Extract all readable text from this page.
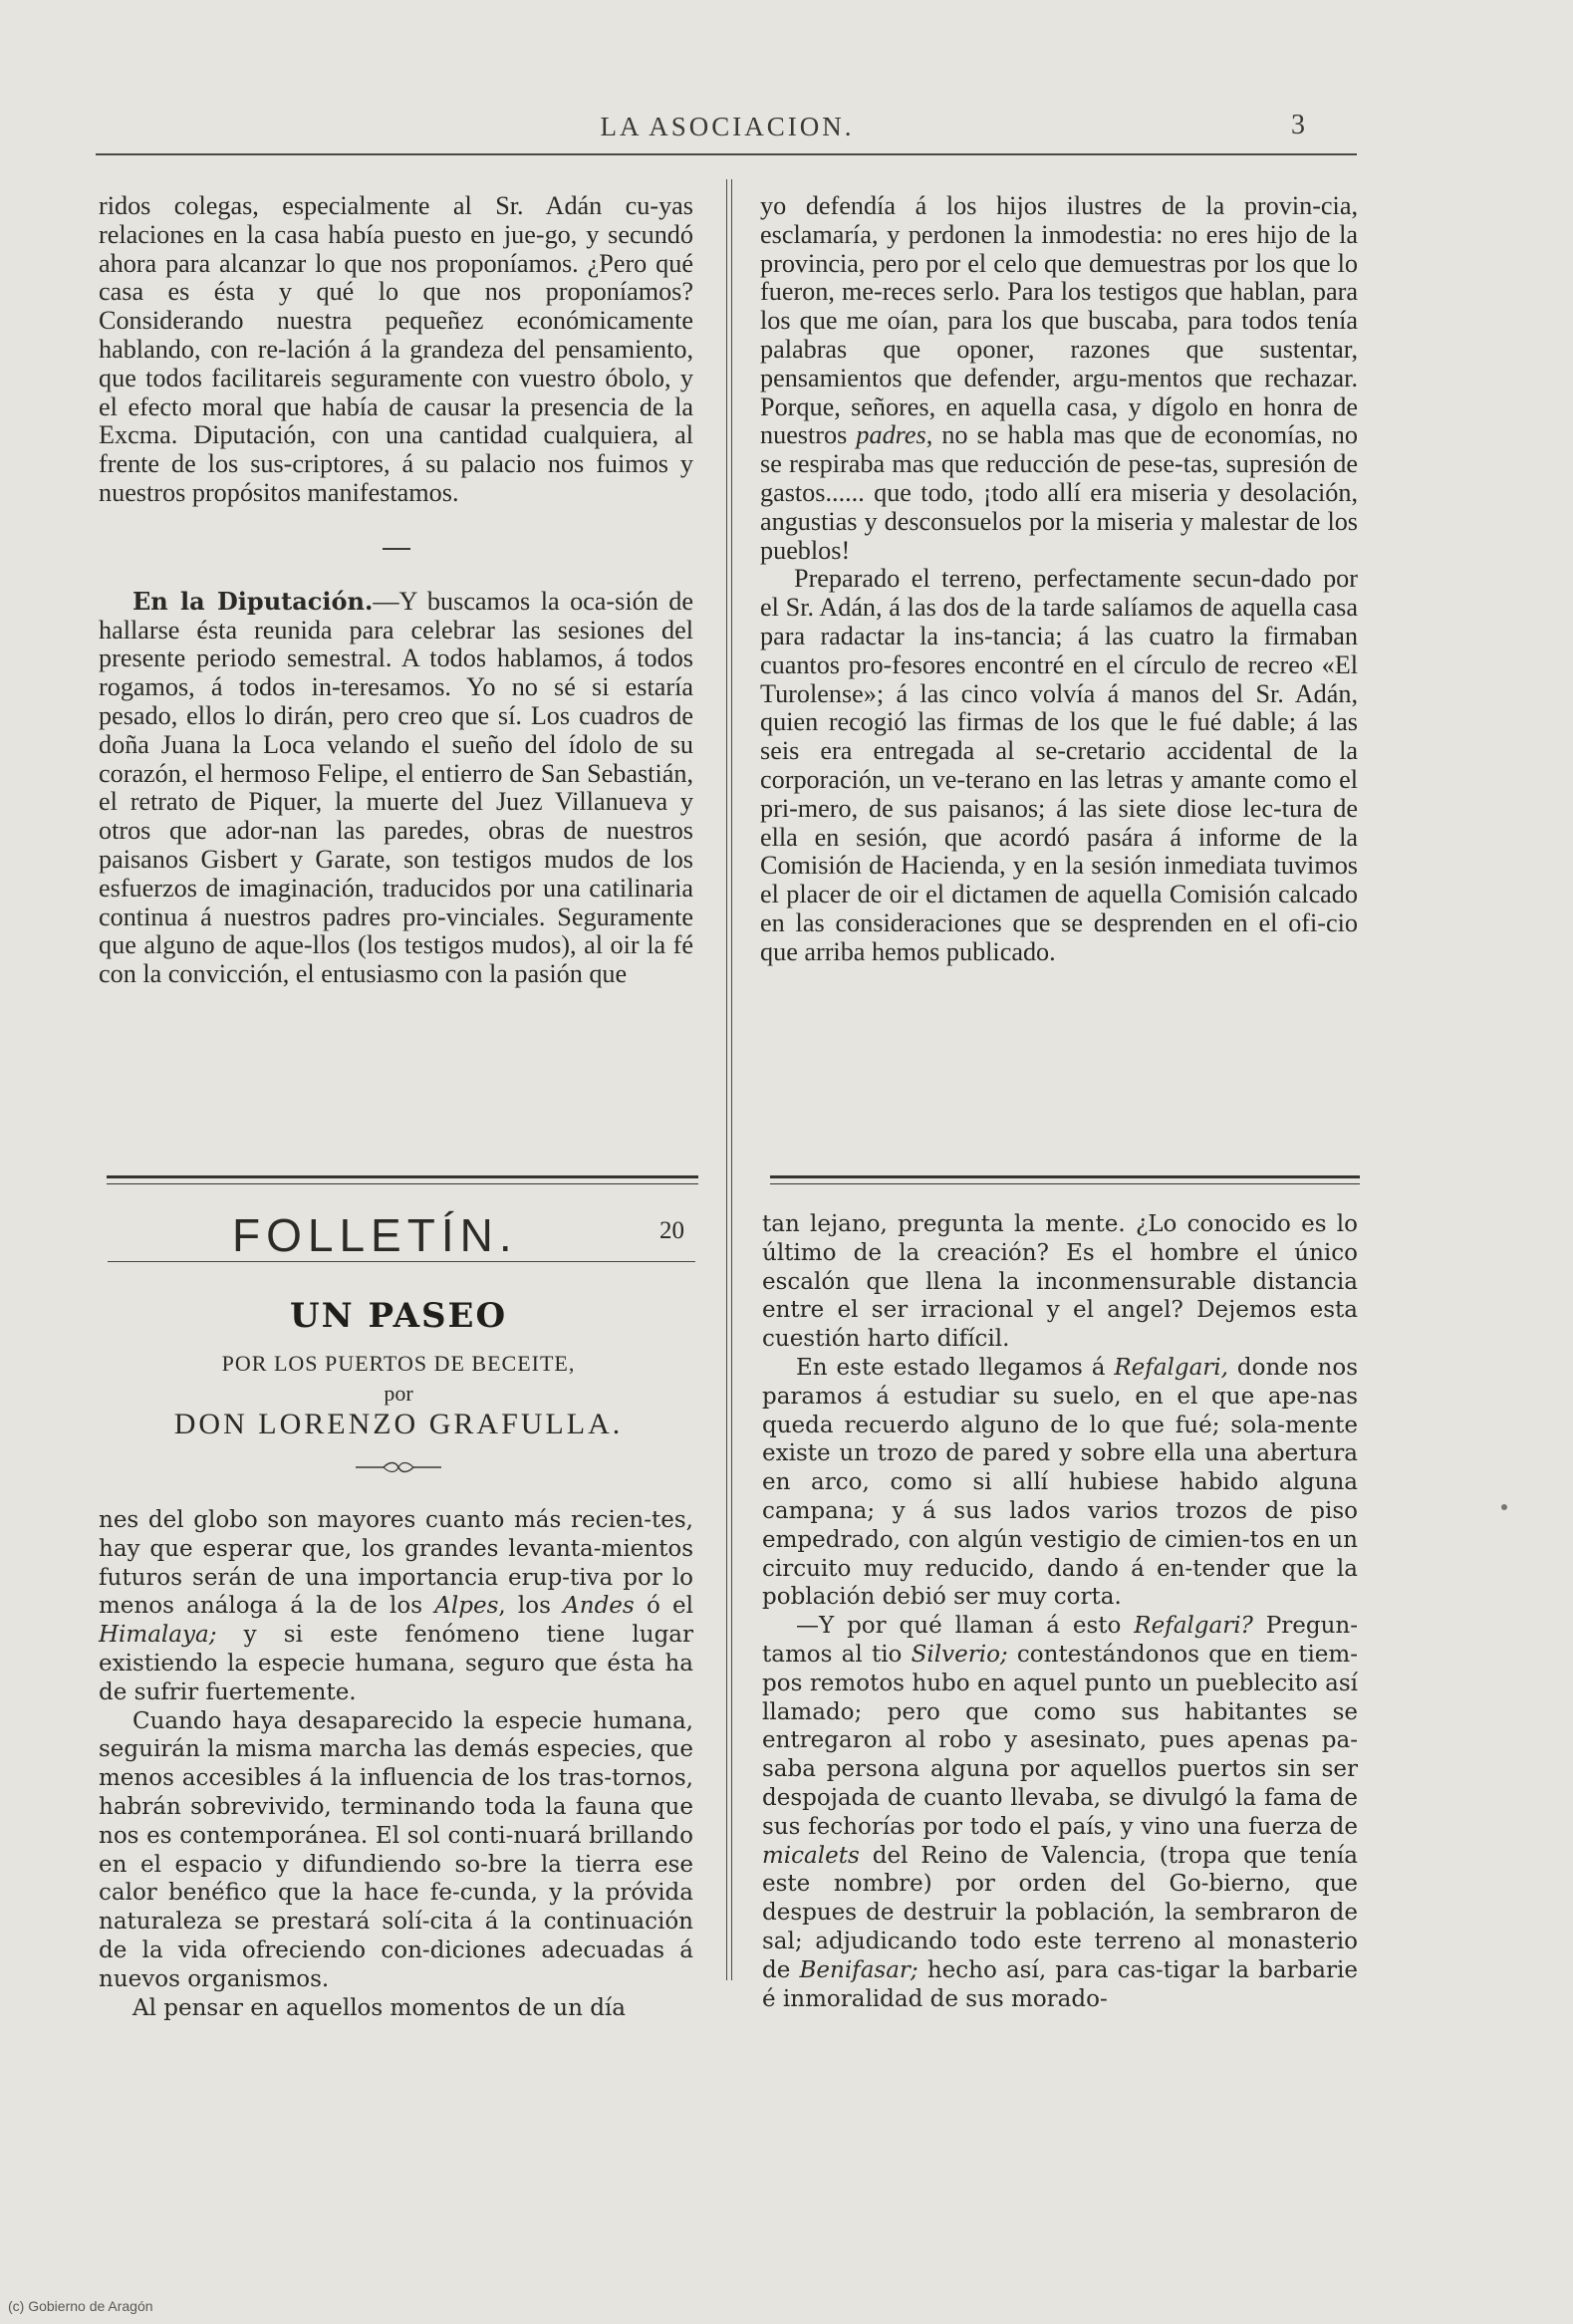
LA ASOCIACION.	3

ridos colegas, especialmente al Sr. Adán cu-yas relaciones en la casa había puesto en jue-go, y secundó ahora para alcanzar lo que nos proponíamos. ¿Pero qué casa es ésta y qué lo que nos proponíamos? Considerando nuestra pequeñez económicamente hablando, con re-lación á la grandeza del pensamiento, que todos facilitareis seguramente con vuestro óbolo, y el efecto moral que había de causar la presencia de la Excma. Diputación, con una cantidad cualquiera, al frente de los sus-criptores, á su palacio nos fuimos y nuestros propósitos manifestamos.

En la Diputación.—Y buscamos la oca-sión de hallarse ésta reunida para celebrar las sesiones del presente periodo semestral. A todos hablamos, á todos rogamos, á todos in-teresamos. Yo no sé si estaría pesado, ellos lo dirán, pero creo que sí. Los cuadros de doña Juana la Loca velando el sueño del ídolo de su corazón, el hermoso Felipe, el entierro de San Sebastián, el retrato de Piquer, la muerte del Juez Villanueva y otros que ador-nan las paredes, obras de nuestros paisanos Gisbert y Garate, son testigos mudos de los esfuerzos de imaginación, traducidos por una catilinaria continua á nuestros padres pro-vinciales. Seguramente que alguno de aque-llos (los testigos mudos), al oir la fé con la convicción, el entusiasmo con la pasión que

yo defendía á los hijos ilustres de la provin-cia, esclamaría, y perdonen la inmodestia: no eres hijo de la provincia, pero por el celo que demuestras por los que lo fueron, me-reces serlo. Para los testigos que hablan, para los que me oían, para los que buscaba, para todos tenía palabras que oponer, razones que sustentar, pensamientos que defender, argu-mentos que rechazar. Porque, señores, en aquella casa, y dígolo en honra de nuestros padres, no se habla mas que de economías, no se respiraba mas que reducción de pese-tas, supresión de gastos...... que todo, ¡todo allí era miseria y desolación, angustias y desconsuelos por la miseria y malestar de los pueblos!

Preparado el terreno, perfectamente secun-dado por el Sr. Adán, á las dos de la tarde salíamos de aquella casa para radactar la ins-tancia; á las cuatro la firmaban cuantos pro-fesores encontré en el círculo de recreo «El Turolense»; á las cinco volvía á manos del Sr. Adán, quien recogió las firmas de los que le fué dable; á las seis era entregada al se-cretario accidental de la corporación, un ve-terano en las letras y amante como el pri-mero, de sus paisanos; á las siete diose lec-tura de ella en sesión, que acordó pasára á informe de la Comisión de Hacienda, y en la sesión inmediata tuvimos el placer de oir el dictamen de aquella Comisión calcado en las consideraciones que se desprenden en el ofi-cio que arriba hemos publicado.

FOLLETÍN.	20
UN PASEO
POR LOS PUERTOS DE BECEITE,
por
DON LORENZO GRAFULLA.

nes del globo son mayores cuanto más recien-tes, hay que esperar que, los grandes levanta-mientos futuros serán de una importancia erup-tiva por lo menos análoga á la de los Alpes, los Andes ó el Himalaya; y si este fenómeno tiene lugar existiendo la especie humana, seguro que ésta ha de sufrir fuertemente.

Cuando haya desaparecido la especie humana, seguirán la misma marcha las demás especies, que menos accesibles á la influencia de los tras-tornos, habrán sobrevivido, terminando toda la fauna que nos es contemporánea. El sol conti-nuará brillando en el espacio y difundiendo so-bre la tierra ese calor benéfico que la hace fe-cunda, y la próvida naturaleza se prestará solí-cita á la continuación de la vida ofreciendo con-diciones adecuadas á nuevos organismos.

Al pensar en aquellos momentos de un día

tan lejano, pregunta la mente. ¿Lo conocido es lo último de la creación? Es el hombre el único escalón que llena la inconmensurable distancia entre el ser irracional y el angel? Dejemos esta cuestión harto difícil.

En este estado llegamos á Refalgari, donde nos paramos á estudiar su suelo, en el que ape-nas queda recuerdo alguno de lo que fué; sola-mente existe un trozo de pared y sobre ella una abertura en arco, como si allí hubiese habido alguna campana; y á sus lados varios trozos de piso empedrado, con algún vestigio de cimien-tos en un circuito muy reducido, dando á en-tender que la población debió ser muy corta.

—Y por qué llaman á esto Refalgari? Pregun-tamos al tio Silverio; contestándonos que en tiem-pos remotos hubo en aquel punto un pueblecito así llamado; pero que como sus habitantes se entregaron al robo y asesinato, pues apenas pa-saba persona alguna por aquellos puertos sin ser despojada de cuanto llevaba, se divulgó la fama de sus fechorías por todo el país, y vino una fuerza de micalets del Reino de Valencia, (tropa que tenía este nombre) por orden del Go-bierno, que despues de destruir la población, la sembraron de sal; adjudicando todo este terreno al monasterio de Benifasar; hecho así, para cas-tigar la barbarie é inmoralidad de sus morado-

(c) Gobierno de Aragón
